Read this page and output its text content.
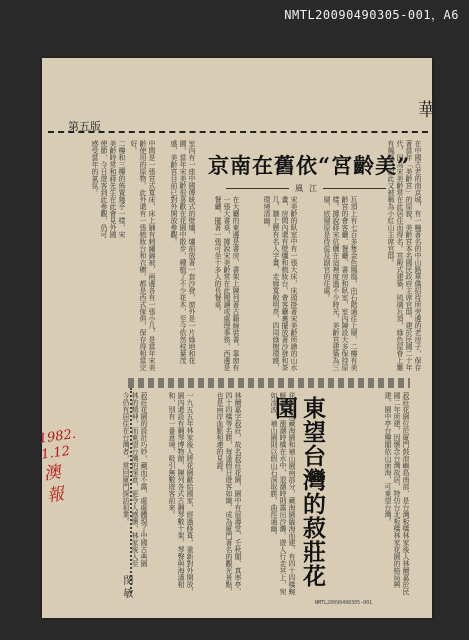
NMTL20090490305-001，A6
華
第五版
京南在舊依“宮齡美”
風 江	在中國古老的南京城，有一幢著名的中山路華僑招待所旁邊的老房子，保存著當年「美齡宮」的原貌。美齡宮本名國民政府主席官邸，建於民國二十年代，因為宋美齡常在此居住而得名。宮殿式建築，琉璃瓦頂，綠色屋脊上雕有鳳凰，因此又被稱為小紅山主席官邸。
瓦頂上有七百多隻金色鳳凰，由石階通往上層，二樓有美齡宮的會客廳、餐廳、書房和臥室，室內陳設大多保持原樣。據說蔣宋伉儷在這裡度過不少時光，美齡宮建築為三層，底層原是侍從及副官的住處。
宋美齡的臥室中有一張大床，床頭掛著宋美齡所繪的山水畫，房間內還有壁爐和梳妝台，會客廳裏擺放著沙發和茶几，牆上懸有名人字畫，走廊寬敞明亮，四周綠樹環繞，環境清幽。
在大廳的東邊是書房，書架上陳列著古籍線裝書，靠窗有一張大書桌，據說宋美齡常在此閱讀或處理事務，西邊是餐廳，擺著一張可坐十多人的長餐桌。
室內有一座中國傳統式的壁爐，爐前放著一套沙發，窗外是一片綠地和花圃，當年宋美齡很喜歡在花園中散步，種植了不少花木，至今依然枝葉茂盛，美齡宮目前已對外開放參觀。
中間是一張宮式寬床，床上鋪有刺繡錦被，兩邊各有一張小几，是當年宋美齡使用的原物，此外還有一張梳妝台和衣櫥，都是西式傢俱，保存得相當完好。
二樓和三樓的佈置幾乎一樣，宋美齡時常和蔣先生在此會見外國使節，今日遊客到此參觀，仍可感受當年的氣氛。
菽莊花園位於廈門鼓浪嶼島南部，是台灣板橋林家後人林爾嘉於民國二年所建，因懷念台灣故居，特仿台北板橋林家花園的格局興建，園中亭台樓閣依山面海，可東望台灣。
東望台灣的菽莊花園
花園分為藏海園和補山園兩部分，藏海園臨海而建，有四十四橋蜿蜒海上，漲潮時橋在水中，退潮時則露出沙灘，遊人行走其上，宛如凌波，補山園則以假山石洞取勝，曲徑通幽。
林爾嘉字菽莊，故名菽莊花園，園中有眉壽堂、壬秋閣、真率亭、四十四橋等名勝，每逢假日遊客如織，成為廈門著名的觀光景點，也是兩岸血脈相連的見證。
一九五五年林家後人將花園獻給國家，經過修葺，重新對外開放，園內還設有鋼琴博物館，陳列各式古鋼琴數十架，琴聲與海濤相和，別有一番意境，吸引無數遊客前來。
菽莊花園的設計巧妙，藏而不露，處處體現了中國古典園林的精神，而東望台灣的深意，更令人感懷，林家後人至今仍有居住在台灣者，常回廈門探訪祖業。
閔敏
1982.
1.12
澳
報
NMTL20090490305-001
